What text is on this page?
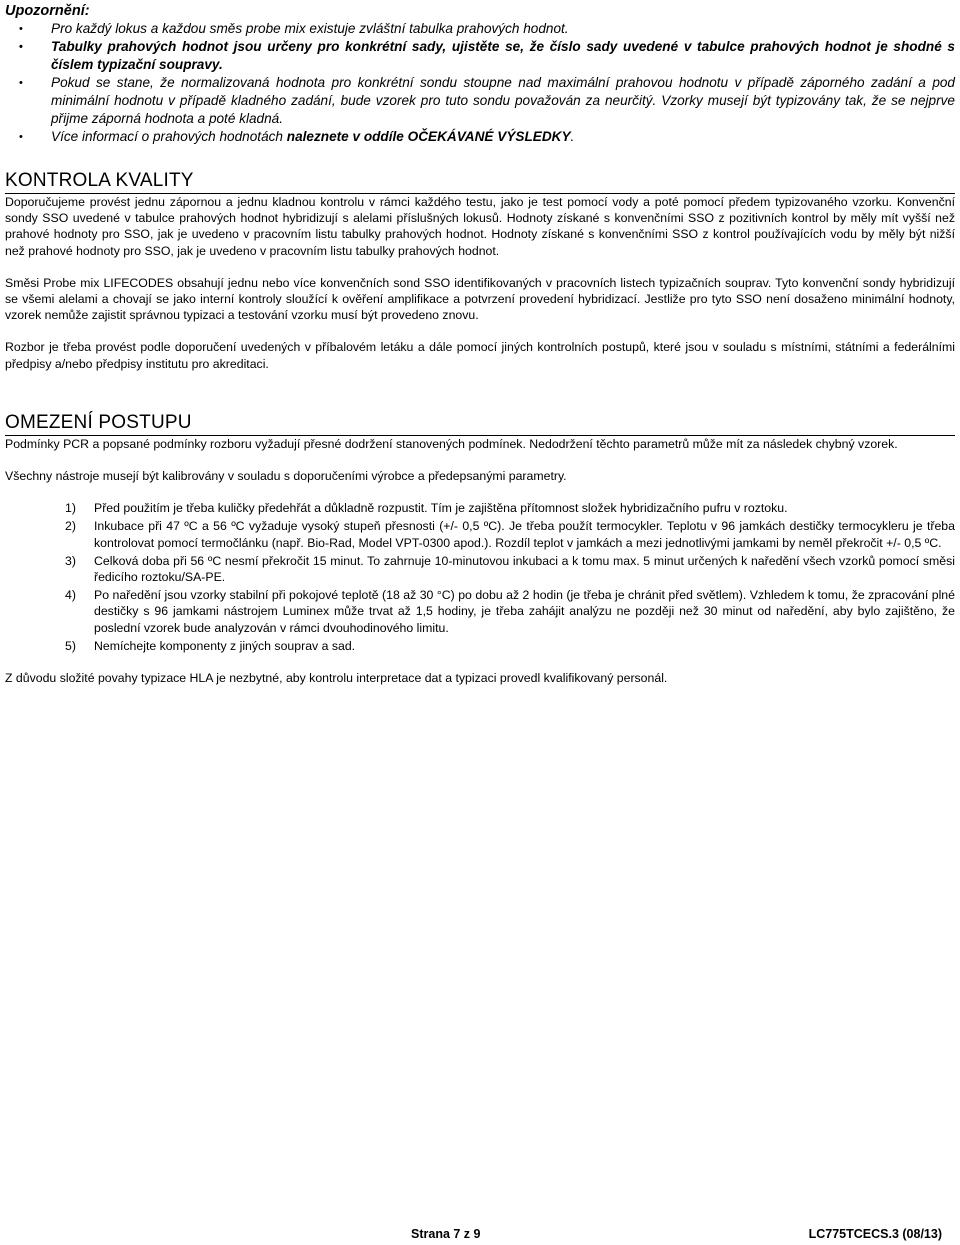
Upozornění:
• Pro každý lokus a každou směs probe mix existuje zvláštní tabulka prahových hodnot.
• Tabulky prahových hodnot jsou určeny pro konkrétní sady, ujistěte se, že číslo sady uvedené v tabulce prahových hodnot je shodné s číslem typizační soupravy.
• Pokud se stane, že normalizovaná hodnota pro konkrétní sondu stoupne nad maximální prahovou hodnotu v případě záporného zadání a pod minimální hodnotu v případě kladného zadání, bude vzorek pro tuto sondu považován za neurčitý. Vzorky musejí být typizovány tak, že se nejprve přijme záporná hodnota a poté kladná.
• Více informací o prahových hodnotách naleznete v oddíle OČEKÁVANÉ VÝSLEDKY.
KONTROLA KVALITY

Doporučujeme provést jednu zápornou a jednu kladnou kontrolu v rámci každého testu, jako je test pomocí vody a poté pomocí předem typizovaného vzorku. Konvenční sondy SSO uvedené v tabulce prahových hodnot hybridizují s alelami příslušných lokusů. Hodnoty získané s konvenčními SSO z pozitivních kontrol by měly mít vyšší než prahové hodnoty pro SSO, jak je uvedeno v pracovním listu tabulky prahových hodnot. Hodnoty získané s konvenčními SSO z kontrol používajících vodu by měly být nižší než prahové hodnoty pro SSO, jak je uvedeno v pracovním listu tabulky prahových hodnot.

Směsi Probe mix LIFECODES obsahují jednu nebo více konvenčních sond SSO identifikovaných v pracovních listech typizačních souprav. Tyto konvenční sondy hybridizují se všemi alelami a chovají se jako interní kontroly sloužící k ověření amplifikace a potvrzení provedení hybridizací. Jestliže pro tyto SSO není dosaženo minimální hodnoty, vzorek nemůže zajistit správnou typizaci a testování vzorku musí být provedeno znovu.

Rozbor je třeba provést podle doporučení uvedených v příbalovém letáku a dále pomocí jiných kontrolních postupů, které jsou v souladu s místními, státními a federálními předpisy a/nebo předpisy institutu pro akreditaci.

OMEZENÍ POSTUPU

Podmínky PCR a popsané podmínky rozboru vyžadují přesné dodržení stanovených podmínek. Nedodržení těchto parametrů může mít za následek chybný vzorek.

Všechny nástroje musejí být kalibrovány v souladu s doporučeními výrobce a předepsanými parametry.

1) Před použitím je třeba kuličky předehřát a důkladně rozpustit. Tím je zajištěna přítomnost složek hybridizačního pufru v roztoku.
2) Inkubace při 47 ºC a 56 ºC vyžaduje vysoký stupeň přesnosti (+/- 0,5 ºC). Je třeba použít termocykler. Teplotu v 96 jamkách destičky termocykleru je třeba kontrolovat pomocí termočlánku (např. Bio-Rad, Model VPT-0300 apod.). Rozdíl teplot v jamkách a mezi jednotlivými jamkami by neměl překročit +/- 0,5 ºC.
3) Celková doba při 56 ºC nesmí překročit 15 minut. To zahrnuje 10-minutovou inkubaci a k tomu max. 5 minut určených k naředění všech vzorků pomocí směsi ředicího roztoku/SA-PE.
4) Po naředění jsou vzorky stabilní při pokojové teplotě (18 až 30 °C) po dobu až 2 hodin (je třeba je chránit před světlem). Vzhledem k tomu, že zpracování plné destičky s 96 jamkami nástrojem Luminex může trvat až 1,5 hodiny, je třeba zahájit analýzu ne později než 30 minut od naředění, aby bylo zajištěno, že poslední vzorek bude analyzován v rámci dvouhodinového limitu.
5) Nemíchejte komponenty z jiných souprav a sad.

Z důvodu složité povahy typizace HLA je nezbytné, aby kontrolu interpretace dat a typizaci provedl kvalifikovaný personál.

Strana 7 z 9	LC775TCECS.3 (08/13)
